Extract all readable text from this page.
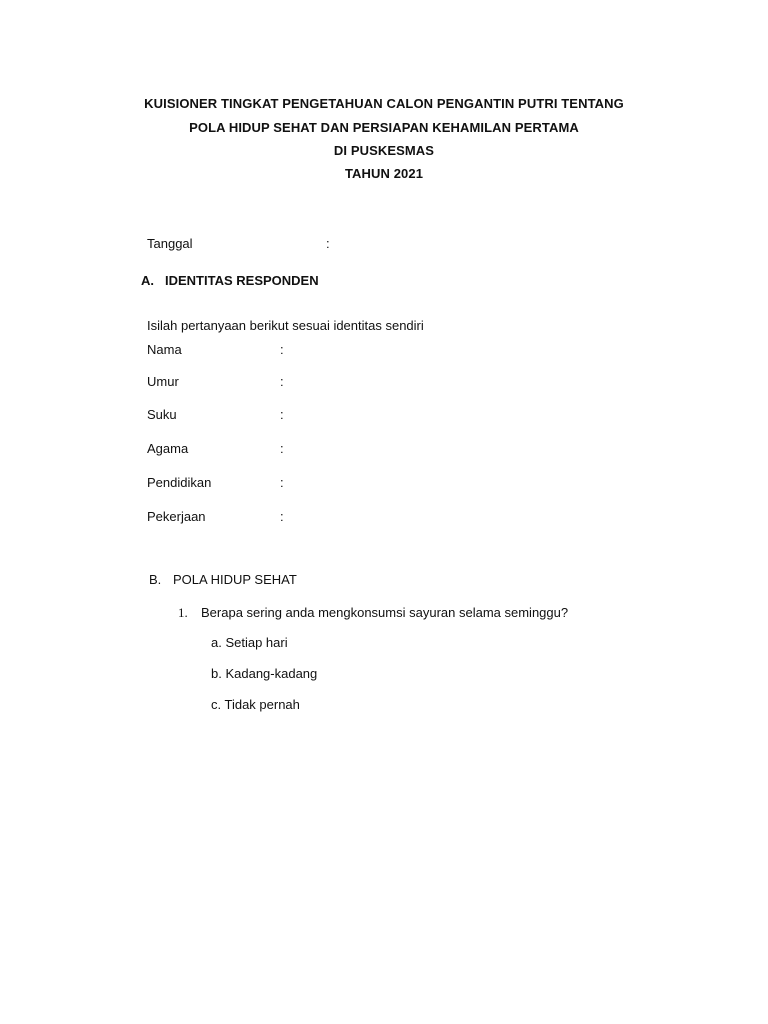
KUISIONER TINGKAT PENGETAHUAN CALON PENGANTIN PUTRI TENTANG
POLA HIDUP SEHAT DAN PERSIAPAN KEHAMILAN PERTAMA
DI PUSKESMAS
TAHUN 2021
Tanggal	:
A. IDENTITAS RESPONDEN
Isilah pertanyaan berikut sesuai identitas sendiri
Nama	:
Umur	:
Suku	:
Agama	:
Pendidikan	:
Pekerjaan	:
B. POLA HIDUP SEHAT
1. Berapa sering anda mengkonsumsi sayuran selama seminggu?
a. Setiap hari
b. Kadang-kadang
c. Tidak pernah
